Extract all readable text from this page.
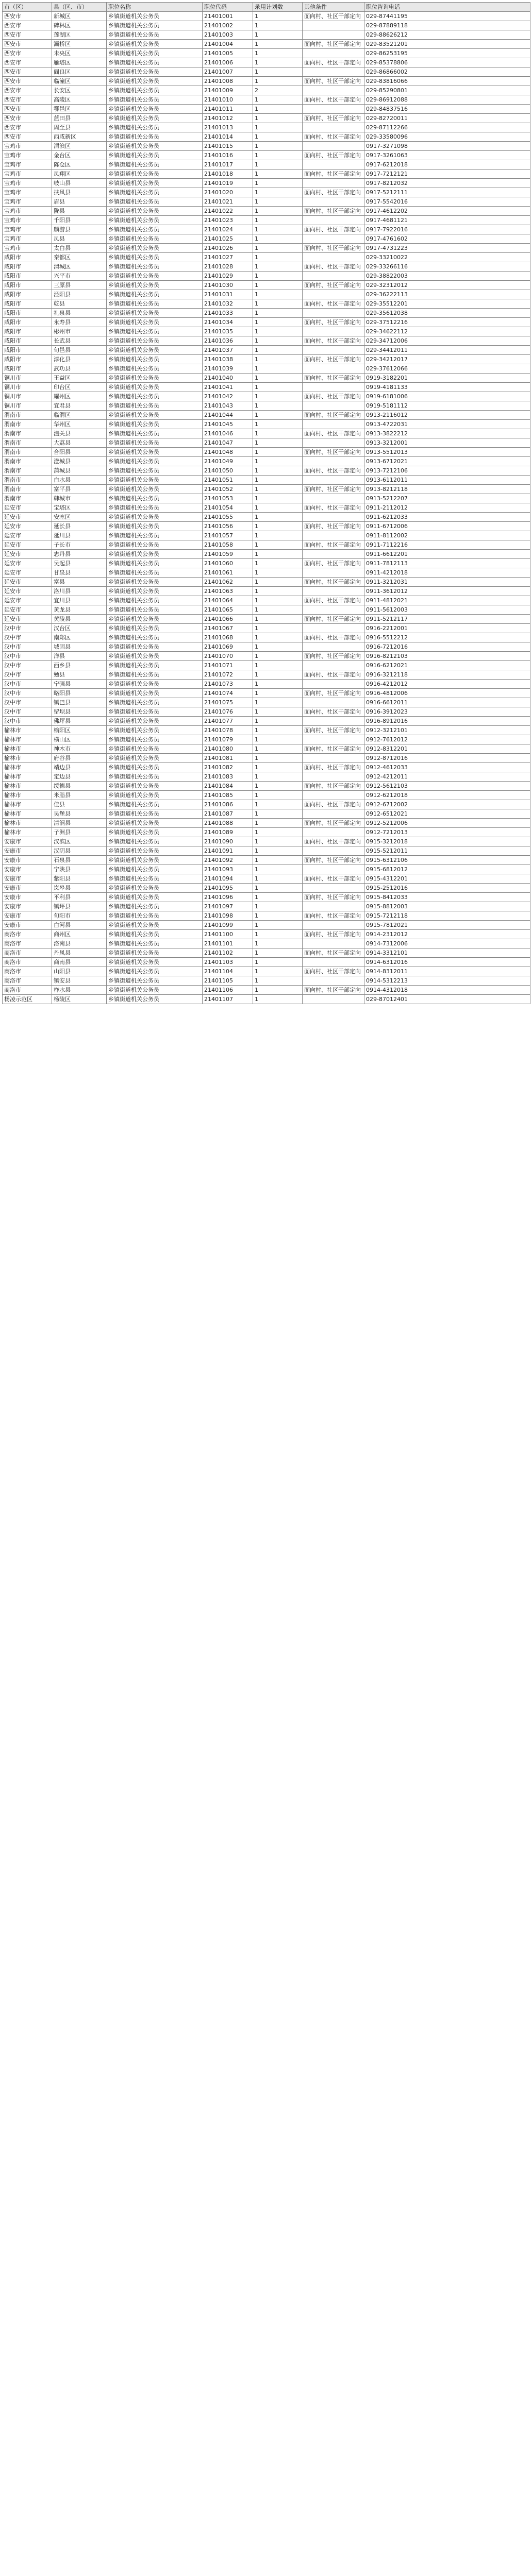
市（区）	县（区、市）	职位名称	职位代码	录用计划数	其他条件	职位咨询电话
西安市	新城区	乡镇街道机关公务员	21401001	1	面向村、社区干部定向	029-87441195
西安市	碑林区	乡镇街道机关公务员	21401002	1		029-87889118
西安市	莲湖区	乡镇街道机关公务员	21401003	1		029-88626212
西安市	灞桥区	乡镇街道机关公务员	21401004	1	面向村、社区干部定向	029-83521201
西安市	未央区	乡镇街道机关公务员	21401005	1		029-86253195
西安市	雁塔区	乡镇街道机关公务员	21401006	1	面向村、社区干部定向	029-85378806
西安市	阎良区	乡镇街道机关公务员	21401007	1		029-86866002
西安市	临潼区	乡镇街道机关公务员	21401008	1	面向村、社区干部定向	029-83816066
西安市	长安区	乡镇街道机关公务员	21401009	2		029-85290801
西安市	高陵区	乡镇街道机关公务员	21401010	1	面向村、社区干部定向	029-86912088
西安市	鄠邑区	乡镇街道机关公务员	21401011	1		029-84837516
西安市	蓝田县	乡镇街道机关公务员	21401012	1	面向村、社区干部定向	029-82720011
西安市	周至县	乡镇街道机关公务员	21401013	1		029-87112266
西安市	西咸新区	乡镇街道机关公务员	21401014	1	面向村、社区干部定向	029-33580096
宝鸡市	渭滨区	乡镇街道机关公务员	21401015	1		0917-3271098
宝鸡市	金台区	乡镇街道机关公务员	21401016	1	面向村、社区干部定向	0917-3261063
宝鸡市	陈仓区	乡镇街道机关公务员	21401017	1		0917-6212018
宝鸡市	凤翔区	乡镇街道机关公务员	21401018	1	面向村、社区干部定向	0917-7212121
宝鸡市	岐山县	乡镇街道机关公务员	21401019	1		0917-8212032
宝鸡市	扶风县	乡镇街道机关公务员	21401020	1	面向村、社区干部定向	0917-5212111
宝鸡市	眉县	乡镇街道机关公务员	21401021	1		0917-5542016
宝鸡市	陇县	乡镇街道机关公务员	21401022	1	面向村、社区干部定向	0917-4612202
宝鸡市	千阳县	乡镇街道机关公务员	21401023	1		0917-4681121
宝鸡市	麟游县	乡镇街道机关公务员	21401024	1	面向村、社区干部定向	0917-7922016
宝鸡市	凤县	乡镇街道机关公务员	21401025	1		0917-4761602
宝鸡市	太白县	乡镇街道机关公务员	21401026	1	面向村、社区干部定向	0917-4731223
咸阳市	秦都区	乡镇街道机关公务员	21401027	1		029-33210022
咸阳市	渭城区	乡镇街道机关公务员	21401028	1	面向村、社区干部定向	029-33266116
咸阳市	兴平市	乡镇街道机关公务员	21401029	1		029-38822003
咸阳市	三原县	乡镇街道机关公务员	21401030	1	面向村、社区干部定向	029-32312012
咸阳市	泾阳县	乡镇街道机关公务员	21401031	1		029-36222113
咸阳市	乾县	乡镇街道机关公务员	21401032	1	面向村、社区干部定向	029-35512201
咸阳市	礼泉县	乡镇街道机关公务员	21401033	1		029-35612038
咸阳市	永寿县	乡镇街道机关公务员	21401034	1	面向村、社区干部定向	029-37512216
咸阳市	彬州市	乡镇街道机关公务员	21401035	1		029-34622112
咸阳市	长武县	乡镇街道机关公务员	21401036	1	面向村、社区干部定向	029-34712006
咸阳市	旬邑县	乡镇街道机关公务员	21401037	1		029-34412011
咸阳市	淳化县	乡镇街道机关公务员	21401038	1	面向村、社区干部定向	029-34212017
咸阳市	武功县	乡镇街道机关公务员	21401039	1		029-37612066
铜川市	王益区	乡镇街道机关公务员	21401040	1	面向村、社区干部定向	0919-3182201
铜川市	印台区	乡镇街道机关公务员	21401041	1		0919-4181133
铜川市	耀州区	乡镇街道机关公务员	21401042	1	面向村、社区干部定向	0919-6181006
铜川市	宜君县	乡镇街道机关公务员	21401043	1		0919-5181112
渭南市	临渭区	乡镇街道机关公务员	21401044	1	面向村、社区干部定向	0913-2116012
渭南市	华州区	乡镇街道机关公务员	21401045	1		0913-4722031
渭南市	潼关县	乡镇街道机关公务员	21401046	1	面向村、社区干部定向	0913-3822212
渭南市	大荔县	乡镇街道机关公务员	21401047	1		0913-3212001
渭南市	合阳县	乡镇街道机关公务员	21401048	1	面向村、社区干部定向	0913-5512013
渭南市	澄城县	乡镇街道机关公务员	21401049	1		0913-6712021
渭南市	蒲城县	乡镇街道机关公务员	21401050	1	面向村、社区干部定向	0913-7212106
渭南市	白水县	乡镇街道机关公务员	21401051	1		0913-6112011
渭南市	富平县	乡镇街道机关公务员	21401052	1	面向村、社区干部定向	0913-8212118
渭南市	韩城市	乡镇街道机关公务员	21401053	1		0913-5212207
延安市	宝塔区	乡镇街道机关公务员	21401054	1	面向村、社区干部定向	0911-2112012
延安市	安塞区	乡镇街道机关公务员	21401055	1		0911-6212033
延安市	延长县	乡镇街道机关公务员	21401056	1	面向村、社区干部定向	0911-6712006
延安市	延川县	乡镇街道机关公务员	21401057	1		0911-8112002
延安市	子长市	乡镇街道机关公务员	21401058	1	面向村、社区干部定向	0911-7112216
延安市	志丹县	乡镇街道机关公务员	21401059	1		0911-6612201
延安市	吴起县	乡镇街道机关公务员	21401060	1	面向村、社区干部定向	0911-7812113
延安市	甘泉县	乡镇街道机关公务员	21401061	1		0911-4212018
延安市	富县	乡镇街道机关公务员	21401062	1	面向村、社区干部定向	0911-3212031
延安市	洛川县	乡镇街道机关公务员	21401063	1		0911-3612012
延安市	宜川县	乡镇街道机关公务员	21401064	1	面向村、社区干部定向	0911-4812021
延安市	黄龙县	乡镇街道机关公务员	21401065	1		0911-5612003
延安市	黄陵县	乡镇街道机关公务员	21401066	1	面向村、社区干部定向	0911-5212117
汉中市	汉台区	乡镇街道机关公务员	21401067	1		0916-2212001
汉中市	南郑区	乡镇街道机关公务员	21401068	1	面向村、社区干部定向	0916-5512212
汉中市	城固县	乡镇街道机关公务员	21401069	1		0916-7212016
汉中市	洋县	乡镇街道机关公务员	21401070	1	面向村、社区干部定向	0916-8212103
汉中市	西乡县	乡镇街道机关公务员	21401071	1		0916-6212021
汉中市	勉县	乡镇街道机关公务员	21401072	1	面向村、社区干部定向	0916-3212118
汉中市	宁强县	乡镇街道机关公务员	21401073	1		0916-4212012
汉中市	略阳县	乡镇街道机关公务员	21401074	1	面向村、社区干部定向	0916-4812006
汉中市	镇巴县	乡镇街道机关公务员	21401075	1		0916-6612011
汉中市	留坝县	乡镇街道机关公务员	21401076	1	面向村、社区干部定向	0916-3912023
汉中市	佛坪县	乡镇街道机关公务员	21401077	1		0916-8912016
榆林市	榆阳区	乡镇街道机关公务员	21401078	1	面向村、社区干部定向	0912-3212101
榆林市	横山区	乡镇街道机关公务员	21401079	1		0912-7612012
榆林市	神木市	乡镇街道机关公务员	21401080	1	面向村、社区干部定向	0912-8312201
榆林市	府谷县	乡镇街道机关公务员	21401081	1		0912-8712016
榆林市	靖边县	乡镇街道机关公务员	21401082	1	面向村、社区干部定向	0912-4612033
榆林市	定边县	乡镇街道机关公务员	21401083	1		0912-4212011
榆林市	绥德县	乡镇街道机关公务员	21401084	1	面向村、社区干部定向	0912-5612103
榆林市	米脂县	乡镇街道机关公务员	21401085	1		0912-6212018
榆林市	佳县	乡镇街道机关公务员	21401086	1	面向村、社区干部定向	0912-6712002
榆林市	吴堡县	乡镇街道机关公务员	21401087	1		0912-6512021
榆林市	清涧县	乡镇街道机关公务员	21401088	1	面向村、社区干部定向	0912-5212006
榆林市	子洲县	乡镇街道机关公务员	21401089	1		0912-7212013
安康市	汉滨区	乡镇街道机关公务员	21401090	1	面向村、社区干部定向	0915-3212018
安康市	汉阴县	乡镇街道机关公务员	21401091	1		0915-5212011
安康市	石泉县	乡镇街道机关公务员	21401092	1	面向村、社区干部定向	0915-6312106
安康市	宁陕县	乡镇街道机关公务员	21401093	1		0915-6812012
安康市	紫阳县	乡镇街道机关公务员	21401094	1	面向村、社区干部定向	0915-4312201
安康市	岚皋县	乡镇街道机关公务员	21401095	1		0915-2512016
安康市	平利县	乡镇街道机关公务员	21401096	1	面向村、社区干部定向	0915-8412033
安康市	镇坪县	乡镇街道机关公务员	21401097	1		0915-8812003
安康市	旬阳市	乡镇街道机关公务员	21401098	1	面向村、社区干部定向	0915-7212118
安康市	白河县	乡镇街道机关公务员	21401099	1		0915-7812021
商洛市	商州区	乡镇街道机关公务员	21401100	1	面向村、社区干部定向	0914-2312012
商洛市	洛南县	乡镇街道机关公务员	21401101	1		0914-7312006
商洛市	丹凤县	乡镇街道机关公务员	21401102	1	面向村、社区干部定向	0914-3312101
商洛市	商南县	乡镇街道机关公务员	21401103	1		0914-6312016
商洛市	山阳县	乡镇街道机关公务员	21401104	1	面向村、社区干部定向	0914-8312011
商洛市	镇安县	乡镇街道机关公务员	21401105	1		0914-5312213
商洛市	柞水县	乡镇街道机关公务员	21401106	1	面向村、社区干部定向	0914-4312018
杨凌示范区	杨陵区	乡镇街道机关公务员	21401107	1		029-87012401
